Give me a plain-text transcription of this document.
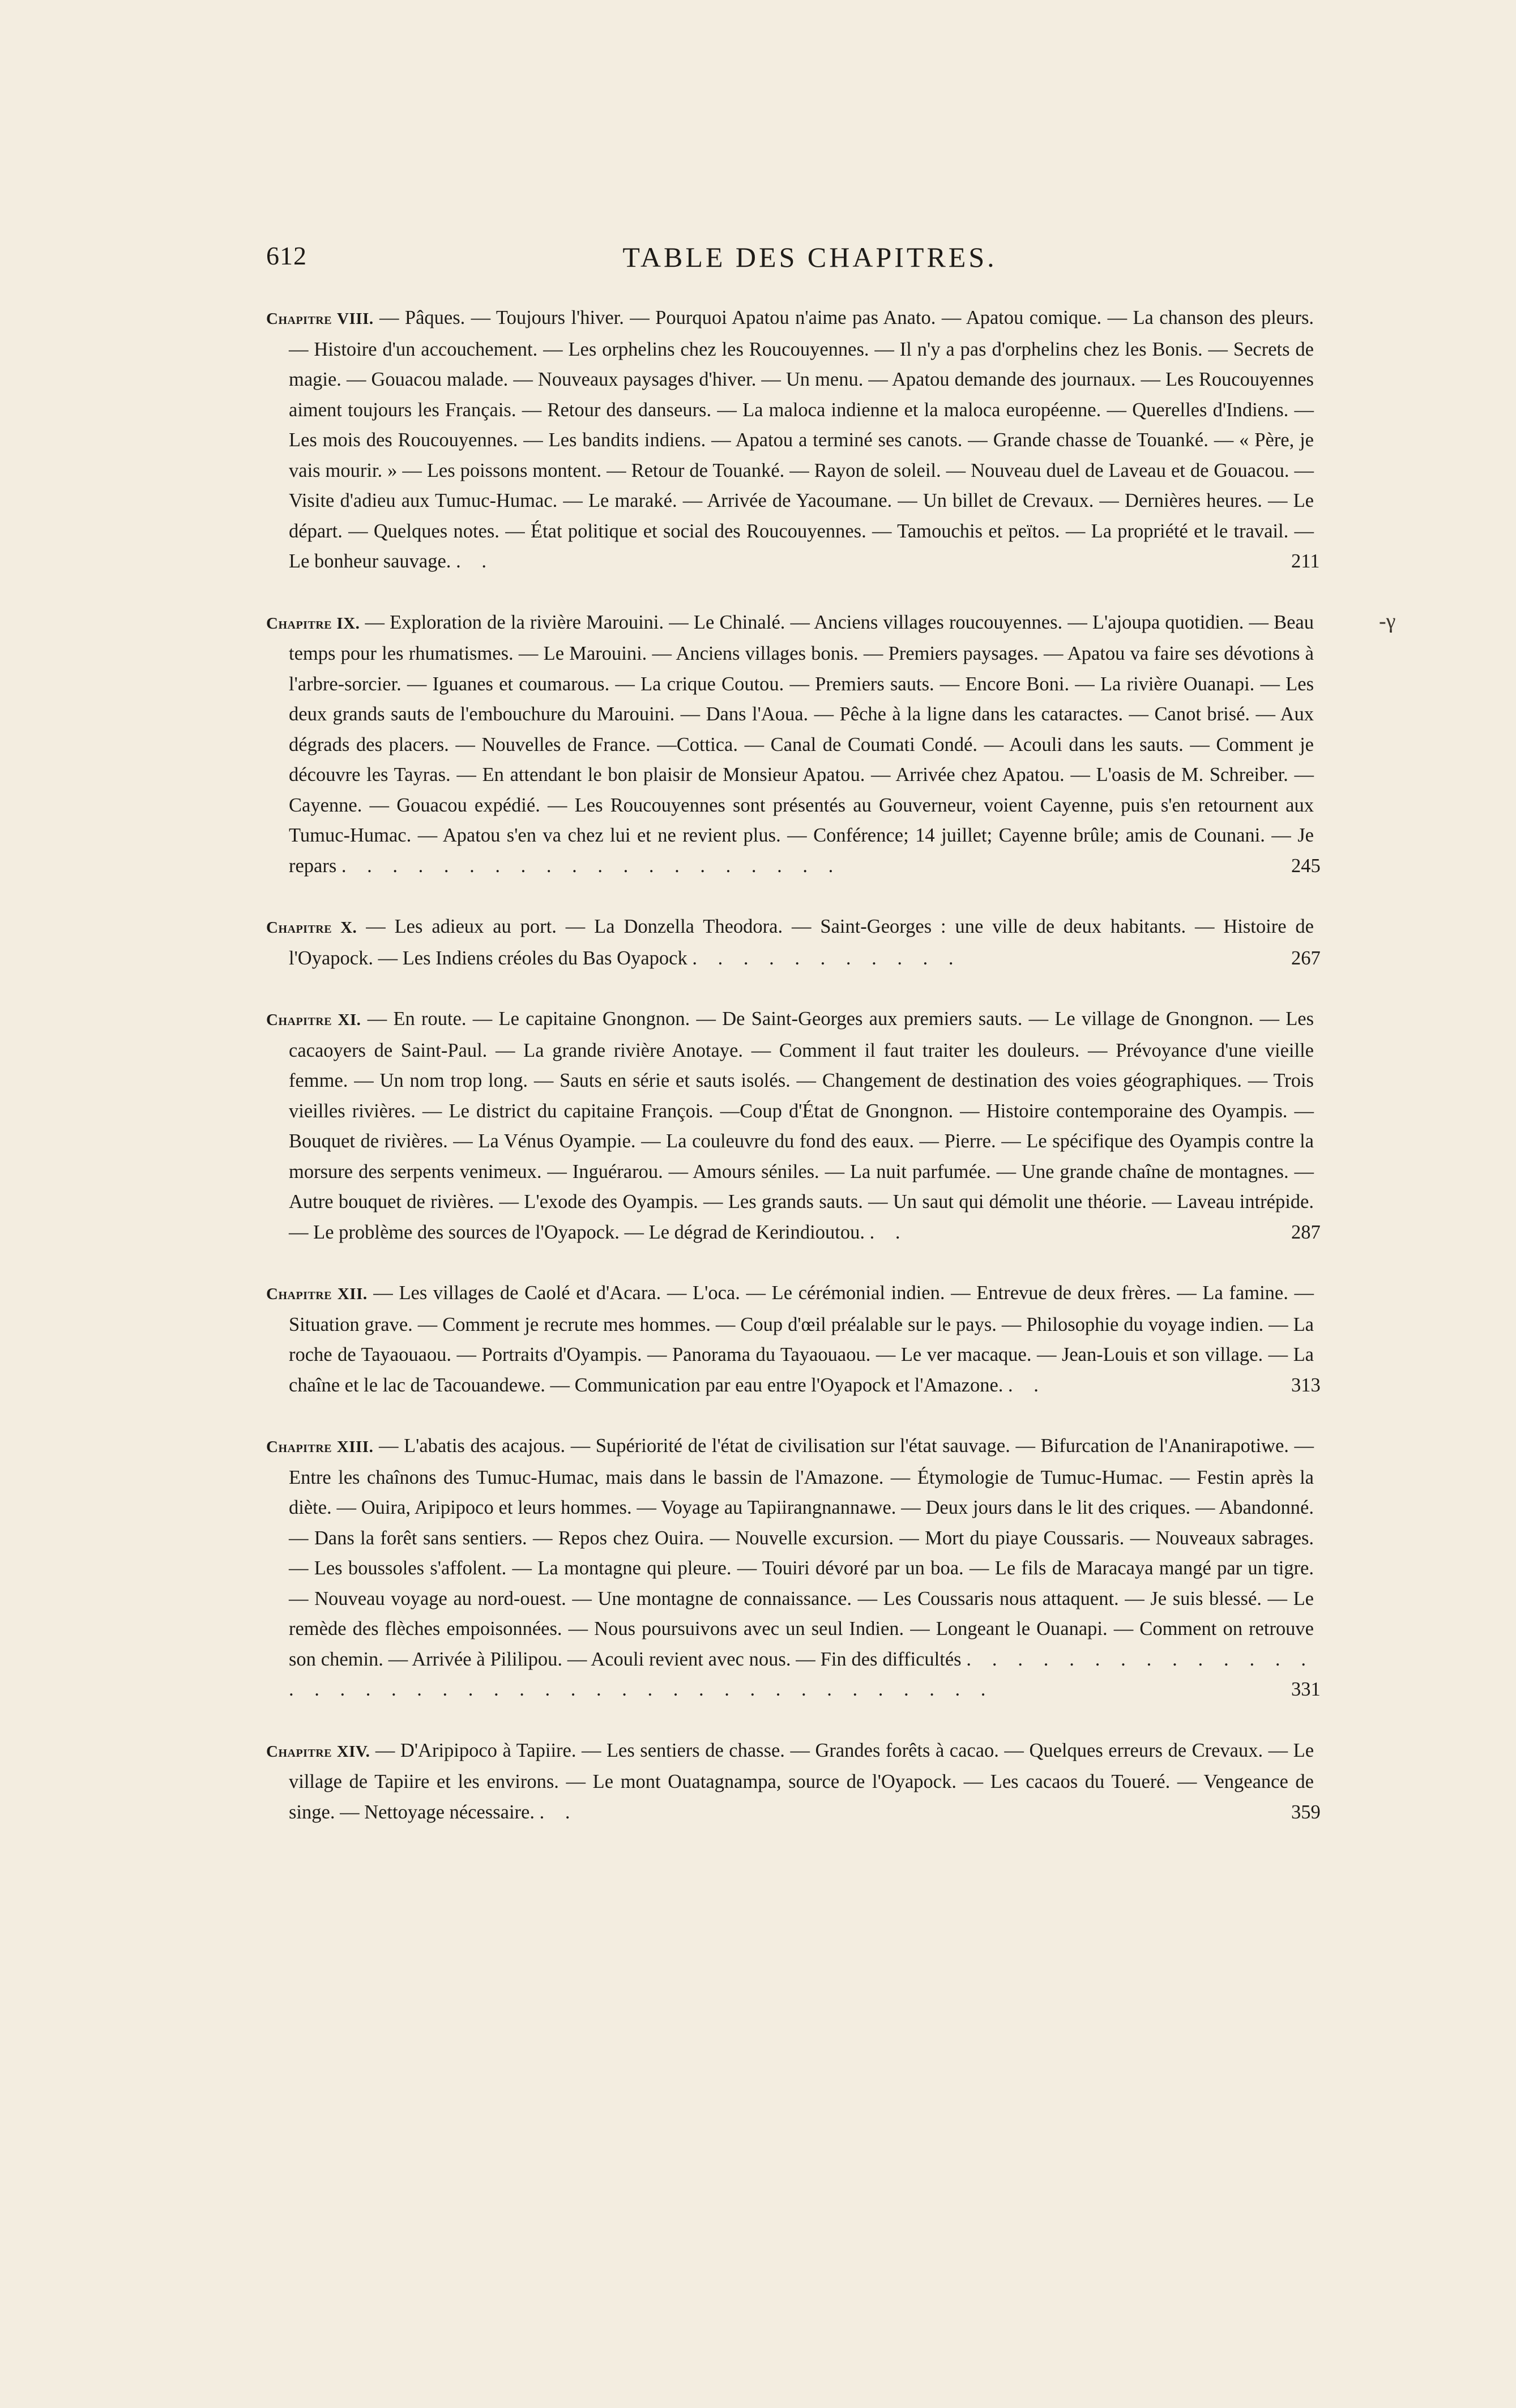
612	TABLE DES CHAPITRES.
-γ
Chapitre VIII. — Pâques. — Toujours l'hiver. — Pourquoi Apatou n'aime pas Anato. — Apatou comique. — La chanson des pleurs. — Histoire d'un accouchement. — Les orphelins chez les Roucouyennes. — Il n'y a pas d'orphelins chez les Bonis. — Secrets de magie. — Gouacou malade. — Nouveaux paysages d'hiver. — Un menu. — Apatou demande des journaux. — Les Roucouyennes aiment toujours les Français. — Retour des danseurs. — La maloca indienne et la maloca européenne. — Querelles d'Indiens. — Les mois des Roucouyennes. — Les bandits indiens. — Apatou a terminé ses canots. — Grande chasse de Touanké. — « Père, je vais mourir. » — Les poissons montent. — Retour de Touanké. — Rayon de soleil. — Nouveau duel de Laveau et de Gouacou. — Visite d'adieu aux Tumuc-Humac. — Le maraké. — Arrivée de Yacoumane. — Un billet de Crevaux. — Dernières heures. — Le départ. — Quelques notes. — État politique et social des Roucouyennes. — Tamouchis et peïtos. — La propriété et le travail. — Le bonheur sauvage. . .	211
Chapitre IX. — Exploration de la rivière Marouini. — Le Chinalé. — Anciens villages roucouyennes. — L'ajoupa quotidien. — Beau temps pour les rhumatismes. — Le Marouini. — Anciens villages bonis. — Premiers paysages. — Apatou va faire ses dévotions à l'arbre-sorcier. — Iguanes et coumarous. — La crique Coutou. — Premiers sauts. — Encore Boni. — La rivière Ouanapi. — Les deux grands sauts de l'embouchure du Marouini. — Dans l'Aoua. — Pêche à la ligne dans les cataractes. — Canot brisé. — Aux dégrads des placers. — Nouvelles de France. —Cottica. — Canal de Coumati Condé. — Acouli dans les sauts. — Comment je découvre les Tayras. — En attendant le bon plaisir de Monsieur Apatou. — Arrivée chez Apatou. — L'oasis de M. Schreiber. — Cayenne. — Gouacou expédié. — Les Roucouyennes sont présentés au Gouverneur, voient Cayenne, puis s'en retournent aux Tumuc-Humac. — Apatou s'en va chez lui et ne revient plus. — Conférence; 14 juillet; Cayenne brûle; amis de Counani. — Je repars . . . . . . . . . . . . . . . . . . . .	245
Chapitre X. — Les adieux au port. — La Donzella Theodora. — Saint-Georges : une ville de deux habitants. — Histoire de l'Oyapock. — Les Indiens créoles du Bas Oyapock . . . . . . . . . . .	267
Chapitre XI. — En route. — Le capitaine Gnongnon. — De Saint-Georges aux premiers sauts. — Le village de Gnongnon. — Les cacaoyers de Saint-Paul. — La grande rivière Anotaye. — Comment il faut traiter les douleurs. — Prévoyance d'une vieille femme. — Un nom trop long. — Sauts en série et sauts isolés. — Changement de destination des voies géographiques. — Trois vieilles rivières. — Le district du capitaine François. —Coup d'État de Gnongnon. — Histoire contemporaine des Oyampis. — Bouquet de rivières. — La Vénus Oyampie. — La couleuvre du fond des eaux. — Pierre. — Le spécifique des Oyampis contre la morsure des serpents venimeux. — Inguérarou. — Amours séniles. — La nuit parfumée. — Une grande chaîne de montagnes. — Autre bouquet de rivières. — L'exode des Oyampis. — Les grands sauts. — Un saut qui démolit une théorie. — Laveau intrépide. — Le problème des sources de l'Oyapock. — Le dégrad de Kerindioutou. . .	287
Chapitre XII. — Les villages de Caolé et d'Acara. — L'oca. — Le cérémonial indien. — Entrevue de deux frères. — La famine. — Situation grave. — Comment je recrute mes hommes. — Coup d'œil préalable sur le pays. — Philosophie du voyage indien. — La roche de Tayaouaou. — Portraits d'Oyampis. — Panorama du Tayaouaou. — Le ver macaque. — Jean-Louis et son village. — La chaîne et le lac de Tacouandewe. — Communication par eau entre l'Oyapock et l'Amazone. . .	313
Chapitre XIII. — L'abatis des acajous. — Supériorité de l'état de civilisation sur l'état sauvage. — Bifurcation de l'Ananirapotiwe. — Entre les chaînons des Tumuc-Humac, mais dans le bassin de l'Amazone. — Étymologie de Tumuc-Humac. — Festin après la diète. — Ouira, Aripipoco et leurs hommes. — Voyage au Tapiirangnannawe. — Deux jours dans le lit des criques. — Abandonné. — Dans la forêt sans sentiers. — Repos chez Ouira. — Nouvelle excursion. — Mort du piaye Coussaris. — Nouveaux sabrages. — Les boussoles s'affolent. — La montagne qui pleure. — Touiri dévoré par un boa. — Le fils de Maracaya mangé par un tigre. — Nouveau voyage au nord-ouest. — Une montagne de connaissance. — Les Coussaris nous attaquent. — Je suis blessé. — Le remède des flèches empoisonnées. — Nous poursuivons avec un seul Indien. — Longeant le Ouanapi. — Comment on retrouve son chemin. — Arrivée à Pililipou. — Acouli revient avec nous. — Fin des difficultés . . . . . . . . . . . . . . . . . . . . . . . . . . . . . . . . . . . . . . . . . .	331
Chapitre XIV. — D'Aripipoco à Tapiire. — Les sentiers de chasse. — Grandes forêts à cacao. — Quelques erreurs de Crevaux. — Le village de Tapiire et les environs. — Le mont Ouatagnampa, source de l'Oyapock. — Les cacaos du Toueré. — Vengeance de singe. — Nettoyage nécessaire. . .	359
